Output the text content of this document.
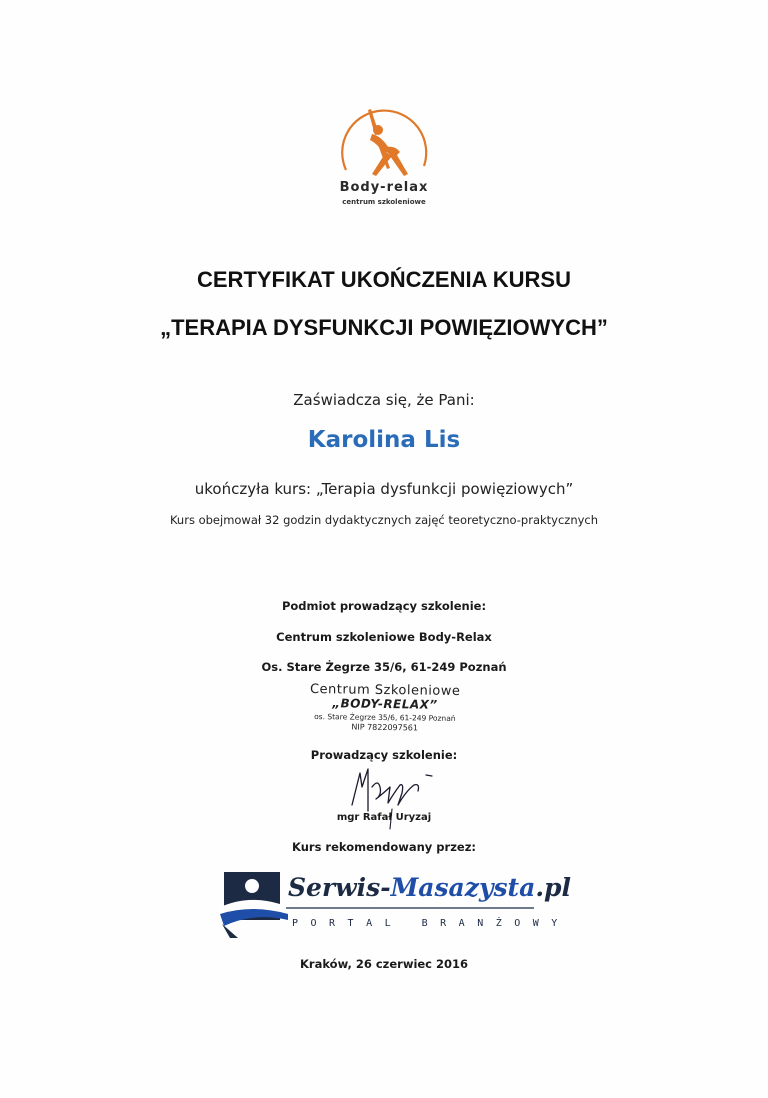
Body-relax
centrum szkoleniowe
CERTYFIKAT UKOŃCZENIA KURSU
„TERAPIA DYSFUNKCJI POWIĘZIOWYCH”
Zaświadcza się, że Pani:
Karolina Lis
ukończyła kurs: „Terapia dysfunkcji powięziowych”
Kurs obejmował 32 godzin dydaktycznych zajęć teoretyczno-praktycznych
Podmiot prowadzący szkolenie:
Centrum szkoleniowe Body-Relax
Os. Stare Żegrze 35/6, 61-249 Poznań
Centrum Szkoleniowe
„BODY-RELAX”
os. Stare Żegrze 35/6, 61-249 Poznań
NIP 7822097561
Prowadzący szkolenie:
mgr Rafał Uryzaj
Kurs rekomendowany przez:
Serwis-Masazysta.pl
PORTAL BRANŻOWY
Kraków, 26 czerwiec 2016
